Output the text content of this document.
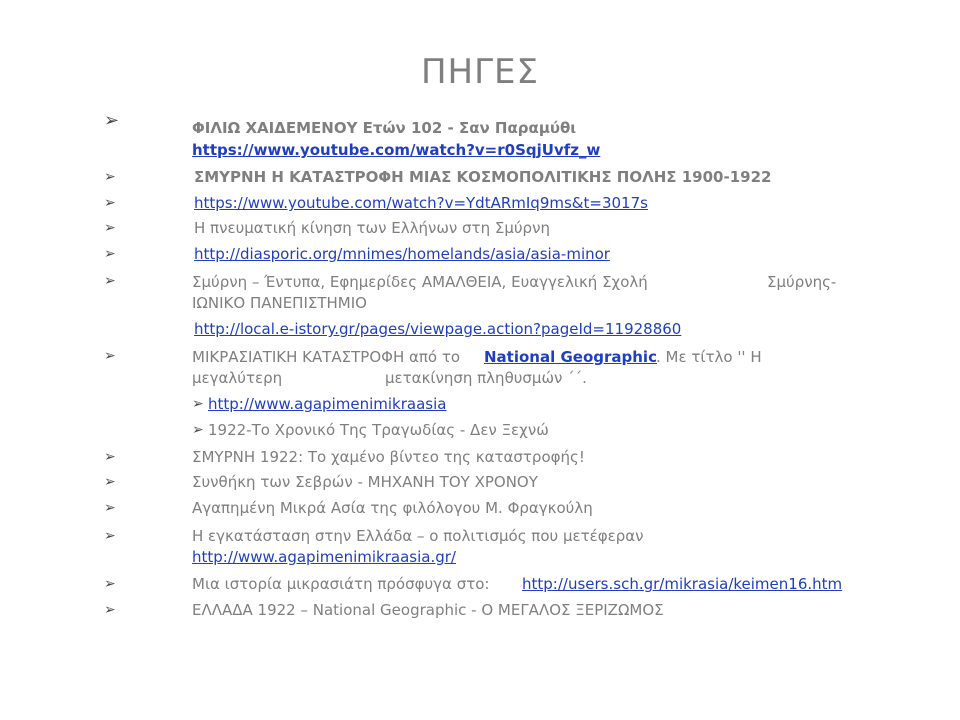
ΠΗΓΕΣ
➢	ΦΙΛΙΩ ΧΑΙΔΕΜΕΝΟΥ Ετών 102 - Σαν Παραμύθι
https://www.youtube.com/watch?v=r0SqjUvfz_w
➢	ΣΜΥΡΝΗ Η ΚΑΤΑΣΤΡΟΦΗ ΜΙΑΣ ΚΟΣΜΟΠΟΛΙΤΙΚΗΣ ΠΟΛΗΣ 1900-1922
➢	https://www.youtube.com/watch?v=YdtARmIq9ms&t=3017s
➢	Η πνευματική κίνηση των Ελλήνων στη Σμύρνη
➢	http://diasporic.org/mnimes/homelands/asia/asia-minor
➢	Σμύρνη – Έντυπα, Εφημερίδες ΑΜΑΛΘΕΙΑ, Ευαγγελική Σχολή	Σμύρνης-
ΙΩΝΙΚΟ ΠΑΝΕΠΙΣΤΗΜΙΟ
http://local.e-istory.gr/pages/viewpage.action?pageId=11928860
➢	ΜΙΚΡΑΣΙΑΤΙΚΗ ΚΑΤΑΣΤΡΟΦΗ από το National Geographic . Με τίτλο '' Η
μεγαλύτερη	μετακίνηση πληθυσμών ΄΄.
➢ http://www.agapimenimikraasia
➢ 1922-Το Χρονικό Της Τραγωδίας - Δεν Ξεχνώ
➢	ΣΜΥΡΝΗ 1922: Το χαμένο βίντεο της καταστροφής!
➢	Συνθήκη των Σεβρών - ΜΗΧΑΝΗ ΤΟΥ ΧΡΟΝΟΥ
➢	Αγαπημένη Μικρά Ασία της φιλόλογου Μ. Φραγκούλη
➢	Η εγκατάσταση στην Ελλάδα – ο πολιτισμός που μετέφεραν
http://www.agapimenimikraasia.gr/
➢	Μια ιστορία μικρασιάτη πρόσφυγα στο: http://users.sch.gr/mikrasia/keimen16.htm
➢	ΕΛΛΑΔΑ 1922 – National Geographic - Ο ΜΕΓΑΛΟΣ ΞΕΡΙΖΩΜΟΣ
